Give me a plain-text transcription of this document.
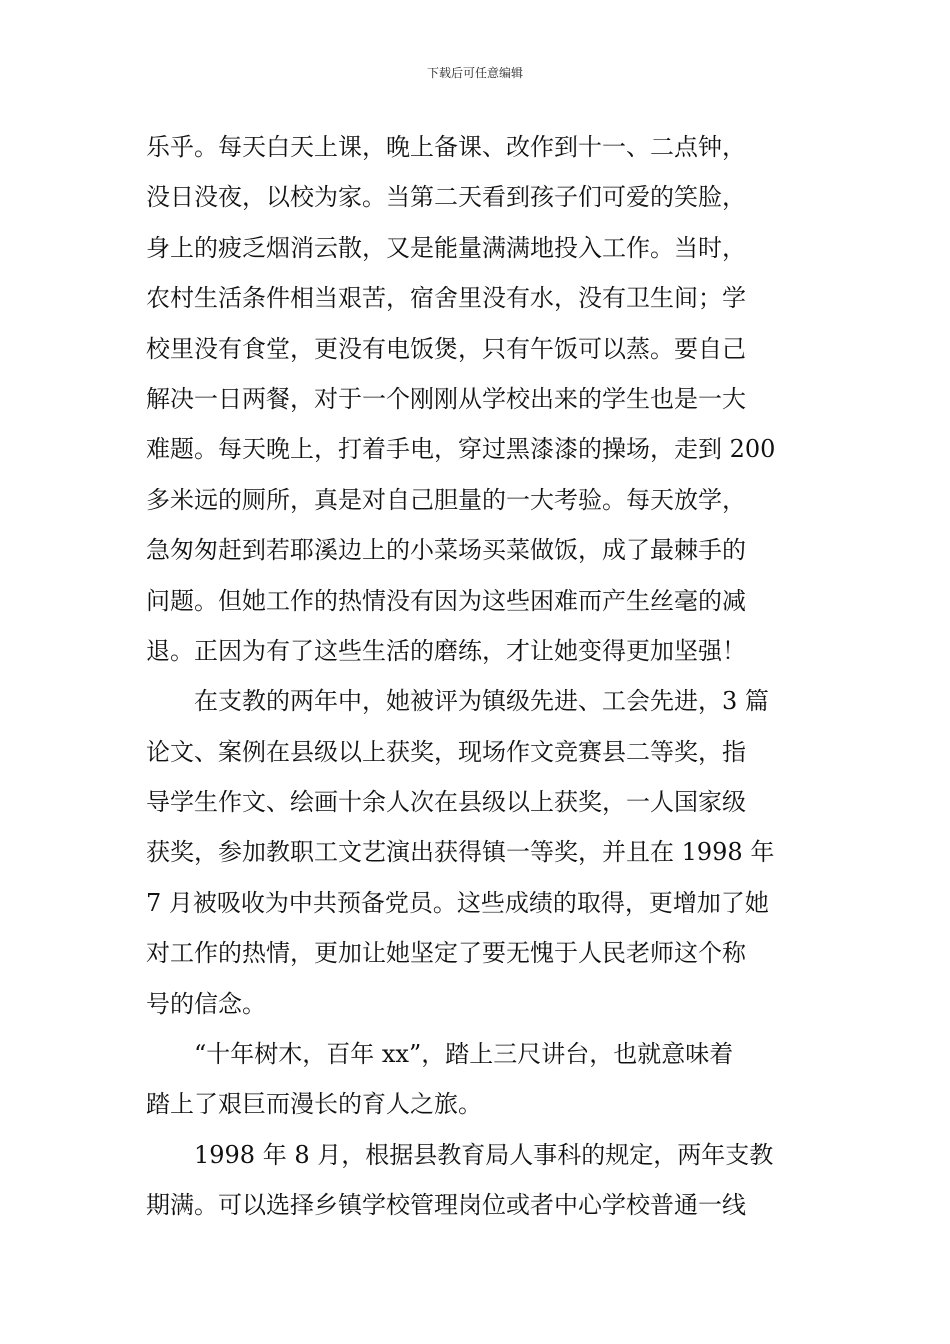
下载后可任意编辑
乐乎。每天白天上课，晚上备课、改作到十一、二点钟，
没日没夜，以校为家。当第二天看到孩子们可爱的笑脸，
身上的疲乏烟消云散，又是能量满满地投入工作。当时，
农村生活条件相当艰苦，宿舍里没有水，没有卫生间；学
校里没有食堂，更没有电饭煲，只有午饭可以蒸。要自己
解决一日两餐，对于一个刚刚从学校出来的学生也是一大
难题。每天晚上，打着手电，穿过黑漆漆的操场，走到 200
多米远的厕所，真是对自己胆量的一大考验。每天放学，
急匆匆赶到若耶溪边上的小菜场买菜做饭，成了最棘手的
问题。但她工作的热情没有因为这些困难而产生丝毫的减
退。正因为有了这些生活的磨练，才让她变得更加坚强！
　　在支教的两年中，她被评为镇级先进、工会先进，3 篇
论文、案例在县级以上获奖，现场作文竞赛县二等奖，指
导学生作文、绘画十余人次在县级以上获奖，一人国家级
获奖，参加教职工文艺演出获得镇一等奖，并且在 1998 年
7 月被吸收为中共预备党员。这些成绩的取得，更增加了她
对工作的热情，更加让她坚定了要无愧于人民老师这个称
号的信念。
　　“十年树木，百年 xx”，踏上三尺讲台，也就意味着
踏上了艰巨而漫长的育人之旅。
　　1998 年 8 月，根据县教育局人事科的规定，两年支教
期满。可以选择乡镇学校管理岗位或者中心学校普通一线
